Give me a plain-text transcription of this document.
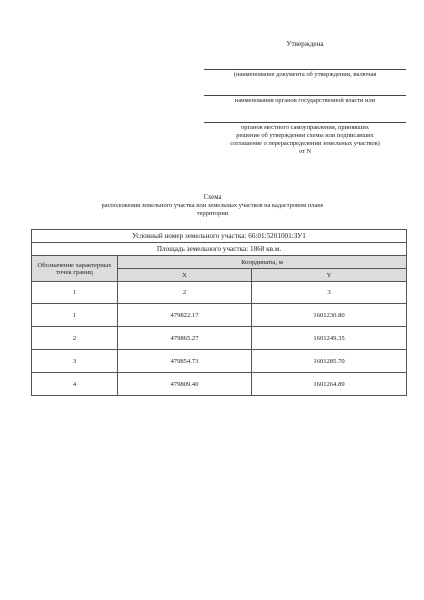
Утверждена
(наименование документа об утверждении, включая
наименования органов государственной власти или
органов местного самоуправления, принявших
решение об утверждении схемы или подписавших
соглашение о перераспределении земельных участков)
от N
Схема
расположения земельного участка или земельных участков на кадастровом плане
территории
Условный номер земельного участка: 66:01:5201001:ЗУ1		
Площадь земельного участка: 1868 кв.м.		
Обозначение характерных точек границ	Координаты, м	
	X	Y
1	2	3
1	479822.17	1601230.80
2	479865.27	1601249.35
3	479854.73	1601285.70
4	479809.40	1601264.89
